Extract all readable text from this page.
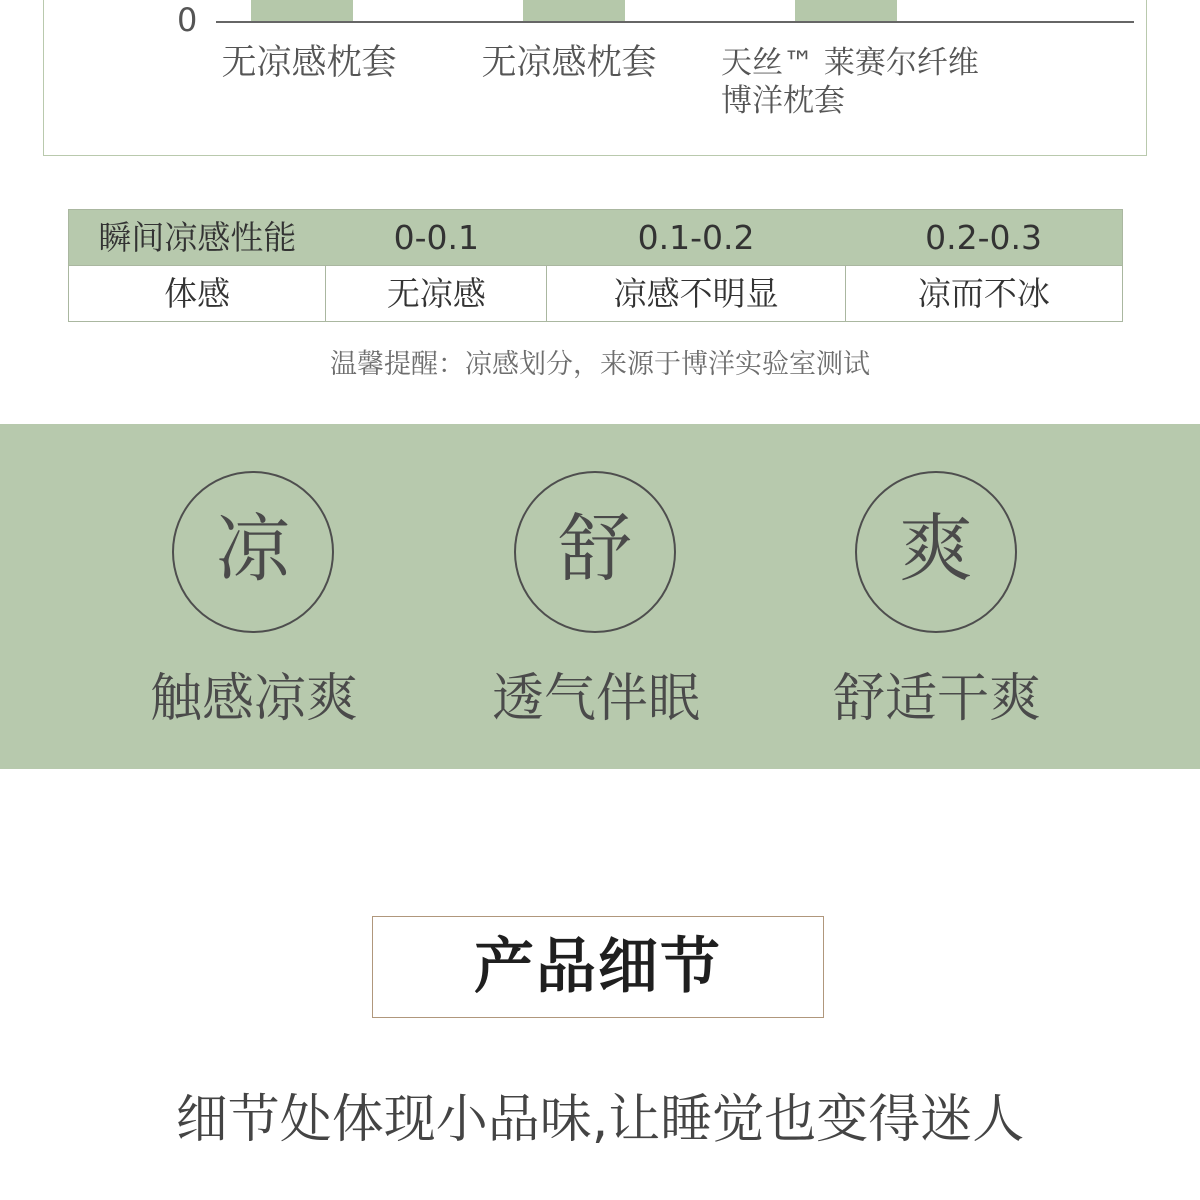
0
无凉感枕套	无凉感枕套	天丝™ 莱赛尔纤维
博洋枕套
瞬间凉感性能	0-0.1	0.1-0.2	0.2-0.3
体感	无凉感	凉感不明显	凉而不冰
温馨提醒：凉感划分，来源于博洋实验室测试
凉
触感凉爽
舒
透气伴眠
爽
舒适干爽
产品细节
细节处体现小品味,让睡觉也变得迷人
